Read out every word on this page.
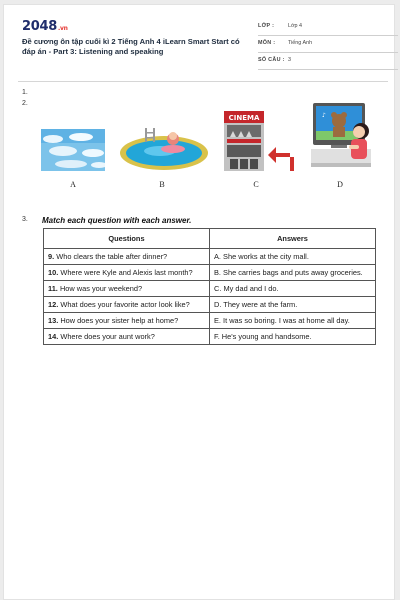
2048.vn
Đề cương ôn tập cuối kì 2 Tiếng Anh 4 iLearn Smart Start có đáp án - Part 3: Listening and speaking
LỚP :	Lớp 4
MÔN : Tiếng Anh
SỐ CÂU : 3
1.
2.
A	B
CINEMA
C
♪
D
3. Match each question with each answer.
Questions	Answers
9. Who clears the table after dinner?	A. She works at the city mall.
10. Where were Kyle and Alexis last month?	B. She carries bags and puts away groceries.
11. How was your weekend?	C. My dad and I do.
12. What does your favorite actor look like?	D. They were at the farm.
13. How does your sister help at home?	E. It was so boring. I was at home all day.
14. Where does your aunt work?	F. He's young and handsome.
